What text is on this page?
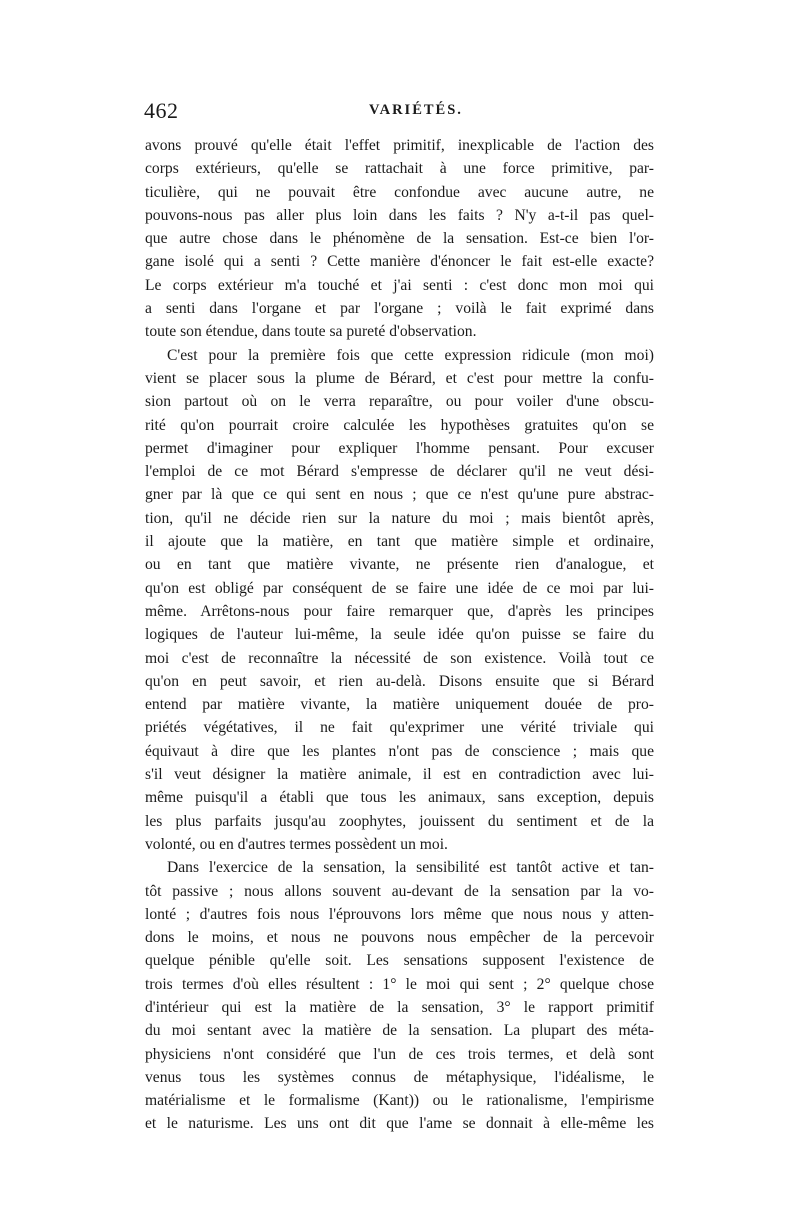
462	VARIÉTÉS.
avons prouvé qu'elle était l'effet primitif, inexplicable de l'action des
corps extérieurs, qu'elle se rattachait à une force primitive, par-
ticulière, qui ne pouvait être confondue avec aucune autre, ne
pouvons-nous pas aller plus loin dans les faits ? N'y a-t-il pas quel-
que autre chose dans le phénomène de la sensation. Est-ce bien l'or-
gane isolé qui a senti ? Cette manière d'énoncer le fait est-elle exacte?
Le corps extérieur m'a touché et j'ai senti : c'est donc mon moi qui
a senti dans l'organe et par l'organe ; voilà le fait exprimé dans
toute son étendue, dans toute sa pureté d'observation.
C'est pour la première fois que cette expression ridicule (mon moi)
vient se placer sous la plume de Bérard, et c'est pour mettre la confu-
sion partout où on le verra reparaître, ou pour voiler d'une obscu-
rité qu'on pourrait croire calculée les hypothèses gratuites qu'on se
permet d'imaginer pour expliquer l'homme pensant. Pour excuser
l'emploi de ce mot Bérard s'empresse de déclarer qu'il ne veut dési-
gner par là que ce qui sent en nous ; que ce n'est qu'une pure abstrac-
tion, qu'il ne décide rien sur la nature du moi ; mais bientôt après,
il ajoute que la matière, en tant que matière simple et ordinaire,
ou en tant que matière vivante, ne présente rien d'analogue, et
qu'on est obligé par conséquent de se faire une idée de ce moi par lui-
même. Arrêtons-nous pour faire remarquer que, d'après les principes
logiques de l'auteur lui-même, la seule idée qu'on puisse se faire du
moi c'est de reconnaître la nécessité de son existence. Voilà tout ce
qu'on en peut savoir, et rien au-delà. Disons ensuite que si Bérard
entend par matière vivante, la matière uniquement douée de pro-
priétés végétatives, il ne fait qu'exprimer une vérité triviale qui
équivaut à dire que les plantes n'ont pas de conscience ; mais que
s'il veut désigner la matière animale, il est en contradiction avec lui-
même puisqu'il a établi que tous les animaux, sans exception, depuis
les plus parfaits jusqu'au zoophytes, jouissent du sentiment et de la
volonté, ou en d'autres termes possèdent un moi.
Dans l'exercice de la sensation, la sensibilité est tantôt active et tan-
tôt passive ; nous allons souvent au-devant de la sensation par la vo-
lonté ; d'autres fois nous l'éprouvons lors même que nous nous y atten-
dons le moins, et nous ne pouvons nous empêcher de la percevoir
quelque pénible qu'elle soit. Les sensations supposent l'existence de
trois termes d'où elles résultent : 1° le moi qui sent ; 2° quelque chose
d'intérieur qui est la matière de la sensation, 3° le rapport primitif
du moi sentant avec la matière de la sensation. La plupart des méta-
physiciens n'ont considéré que l'un de ces trois termes, et delà sont
venus tous les systèmes connus de métaphysique, l'idéalisme, le
matérialisme et le formalisme (Kant)) ou le rationalisme, l'empirisme
et le naturisme. Les uns ont dit que l'ame se donnait à elle-même les
